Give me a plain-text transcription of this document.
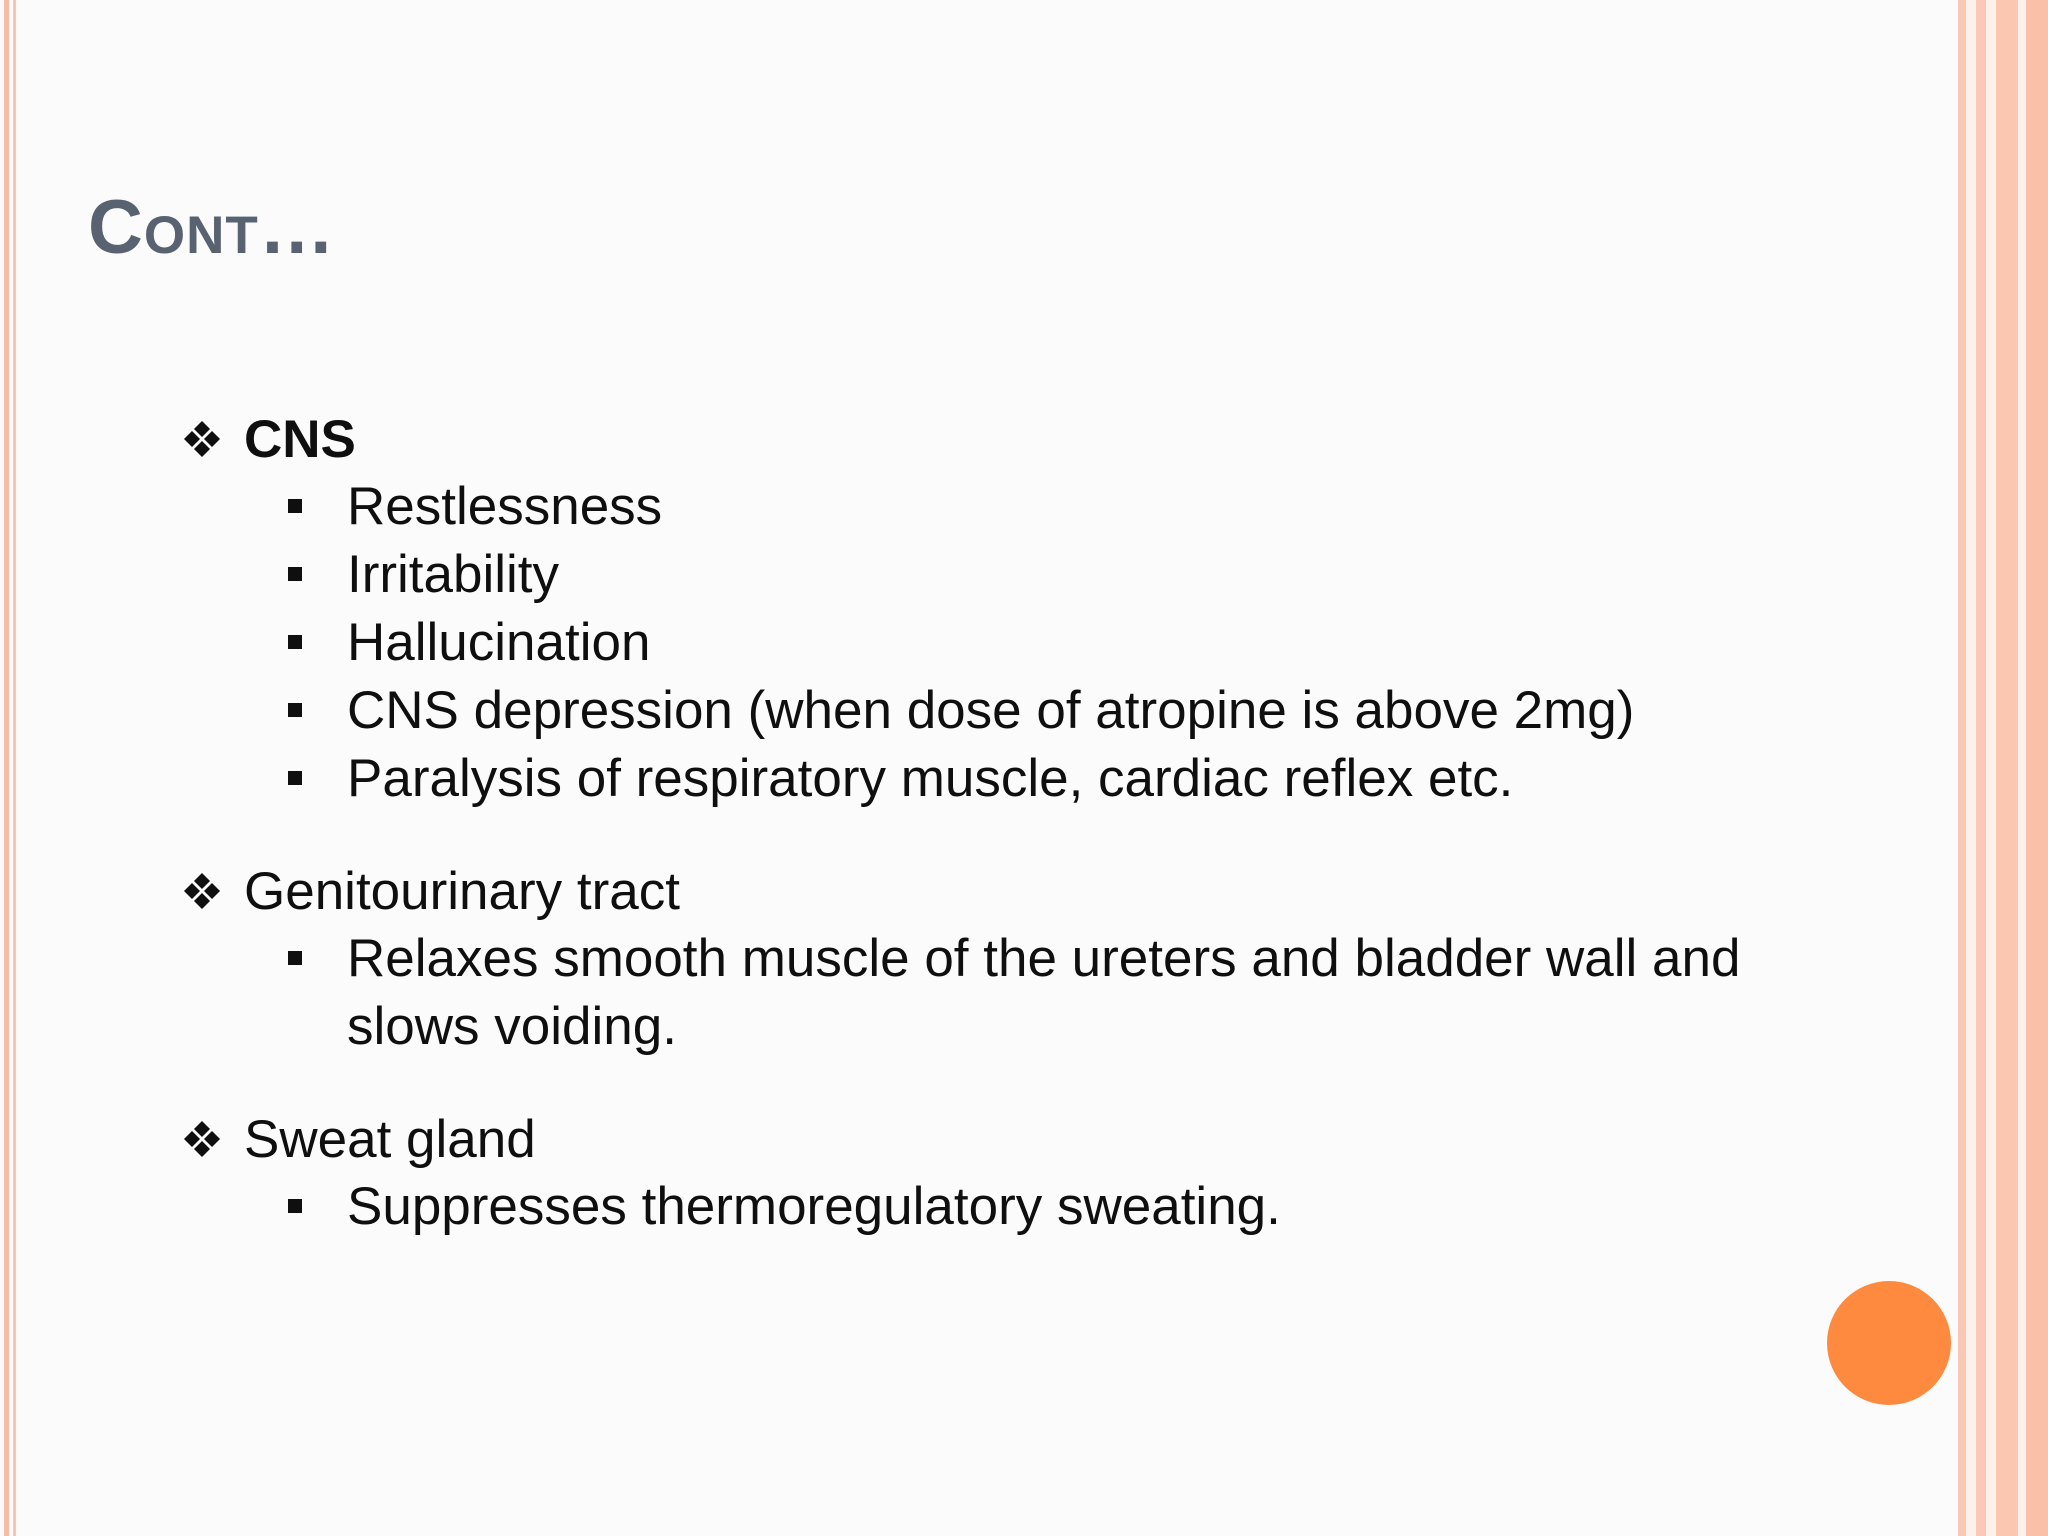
Cont…
CNS
Restlessness
Irritability
Hallucination
CNS depression (when dose of atropine is above 2mg)
Paralysis of respiratory muscle, cardiac reflex etc.
Genitourinary tract
Relaxes smooth muscle of the ureters and bladder wall and slows voiding.
Sweat gland
Suppresses thermoregulatory sweating.
